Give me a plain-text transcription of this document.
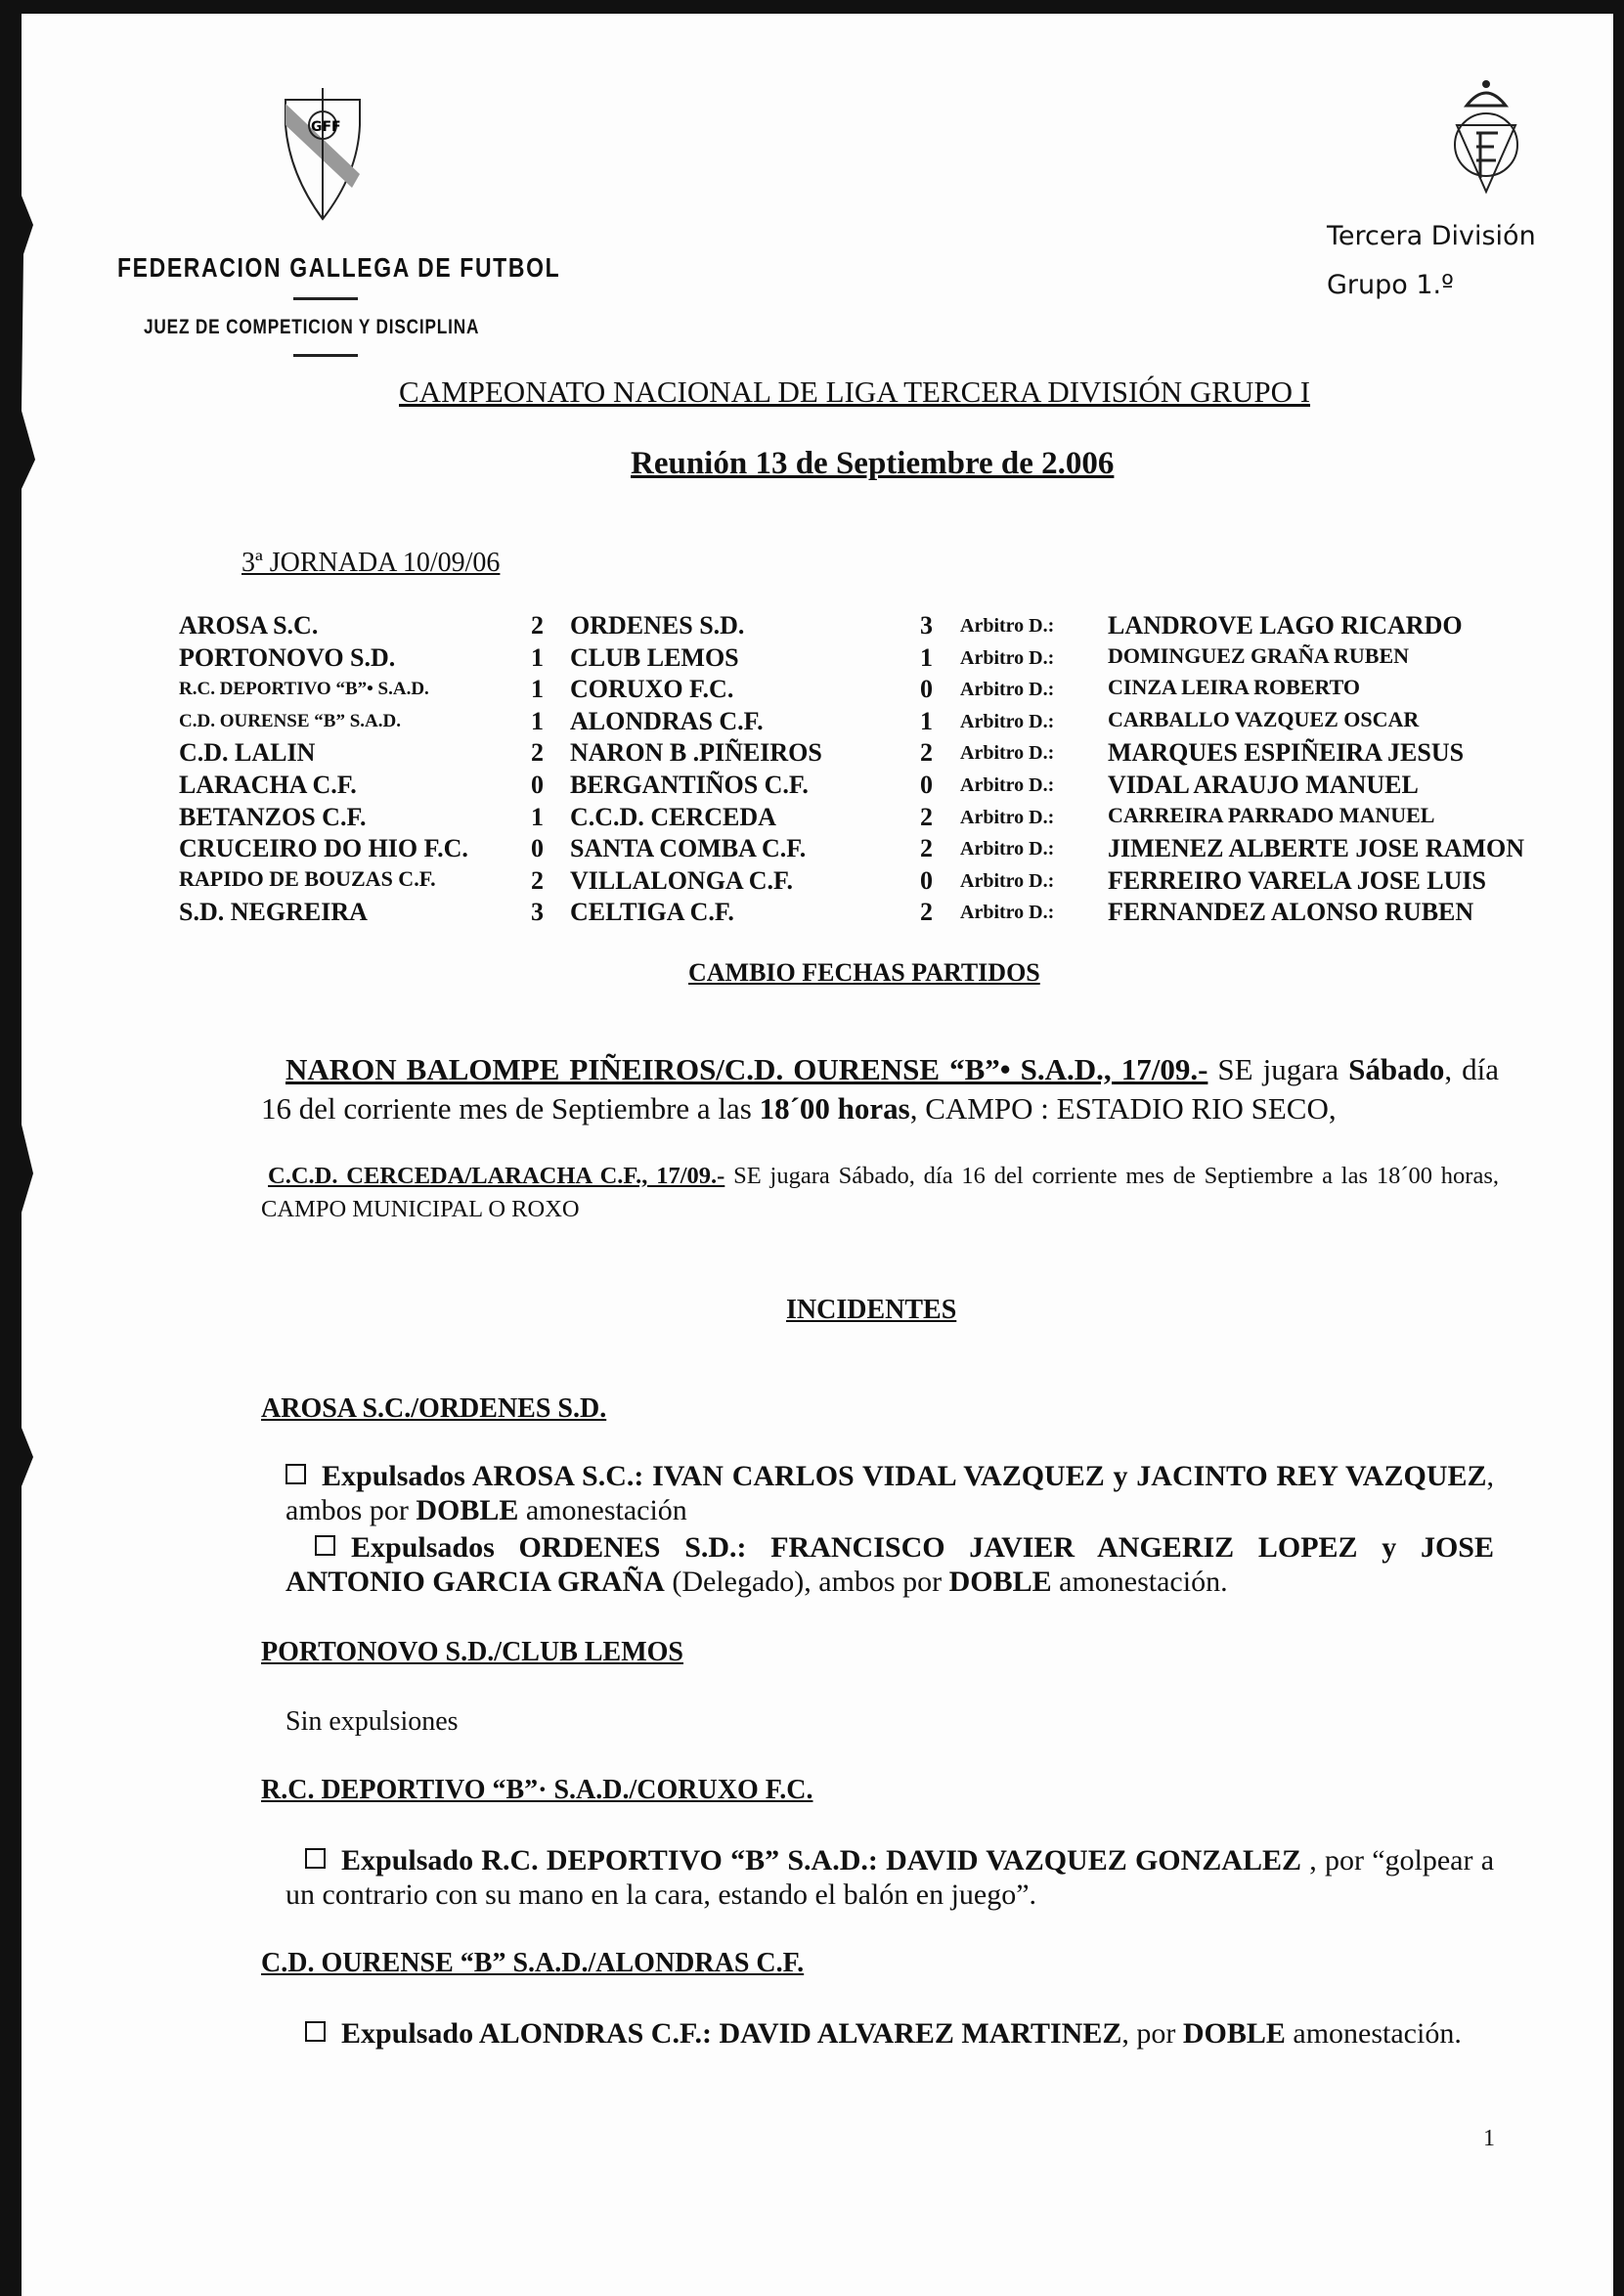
GFF
FEDERACION GALLEGA DE FUTBOL
JUEZ DE COMPETICION Y DISCIPLINA
Tercera División
Grupo 1.º
CAMPEONATO NACIONAL DE LIGA TERCERA DIVISIÓN GRUPO I
Reunión 13 de Septiembre de 2.006
3ª JORNADA 10/09/06
AROSA S.C.	2 ORDENES S.D.	3 Arbitro D.: LANDROVE LAGO RICARDO
PORTONOVO S.D.	1 CLUB LEMOS	1 Arbitro D.: DOMINGUEZ GRAÑA RUBEN
R.C. DEPORTIVO “B”• S.A.D.	1 CORUXO F.C.	0 Arbitro D.: CINZA LEIRA ROBERTO
C.D. OURENSE “B” S.A.D.	1 ALONDRAS C.F.	1 Arbitro D.: CARBALLO VAZQUEZ OSCAR
C.D. LALIN	2 NARON B .PIÑEIROS	2 Arbitro D.: MARQUES ESPIÑEIRA JESUS
LARACHA C.F.	0 BERGANTIÑOS C.F.	0 Arbitro D.: VIDAL ARAUJO MANUEL
BETANZOS C.F.	1 C.C.D. CERCEDA	2 Arbitro D.: CARREIRA PARRADO MANUEL
CRUCEIRO DO HIO F.C. 0 SANTA COMBA C.F.	2 Arbitro D.: JIMENEZ ALBERTE JOSE RAMON
RAPIDO DE BOUZAS C.F.	2 VILLALONGA C.F.	0 Arbitro D.: FERREIRO VARELA JOSE LUIS
S.D. NEGREIRA	3 CELTIGA C.F.	2 Arbitro D.: FERNANDEZ ALONSO RUBEN
CAMBIO FECHAS PARTIDOS
NARON BALOMPE PIÑEIROS/C.D. OURENSE “B”• S.A.D., 17/09.- SE jugara Sábado, día 16 del corriente mes de Septiembre a las 18´00 horas, CAMPO : ESTADIO RIO SECO,
C.C.D. CERCEDA/LARACHA C.F., 17/09.- SE jugara Sábado, día 16 del corriente mes de Septiembre a las 18´00 horas, CAMPO MUNICIPAL O ROXO
INCIDENTES
AROSA S.C./ORDENES S.D.
Expulsados AROSA S.C.: IVAN CARLOS VIDAL VAZQUEZ y JACINTO REY VAZQUEZ, ambos por DOBLE amonestación
Expulsados ORDENES S.D.: FRANCISCO JAVIER ANGERIZ LOPEZ y JOSE ANTONIO GARCIA GRAÑA (Delegado), ambos por DOBLE amonestación.
PORTONOVO S.D./CLUB LEMOS
Sin expulsiones
R.C. DEPORTIVO “B”· S.A.D./CORUXO F.C.
Expulsado R.C. DEPORTIVO “B” S.A.D.: DAVID VAZQUEZ GONZALEZ , por “golpear a un contrario con su mano en la cara, estando el balón en juego”.
C.D. OURENSE “B” S.A.D./ALONDRAS C.F.
Expulsado ALONDRAS C.F.: DAVID ALVAREZ MARTINEZ, por DOBLE amonestación.
1
